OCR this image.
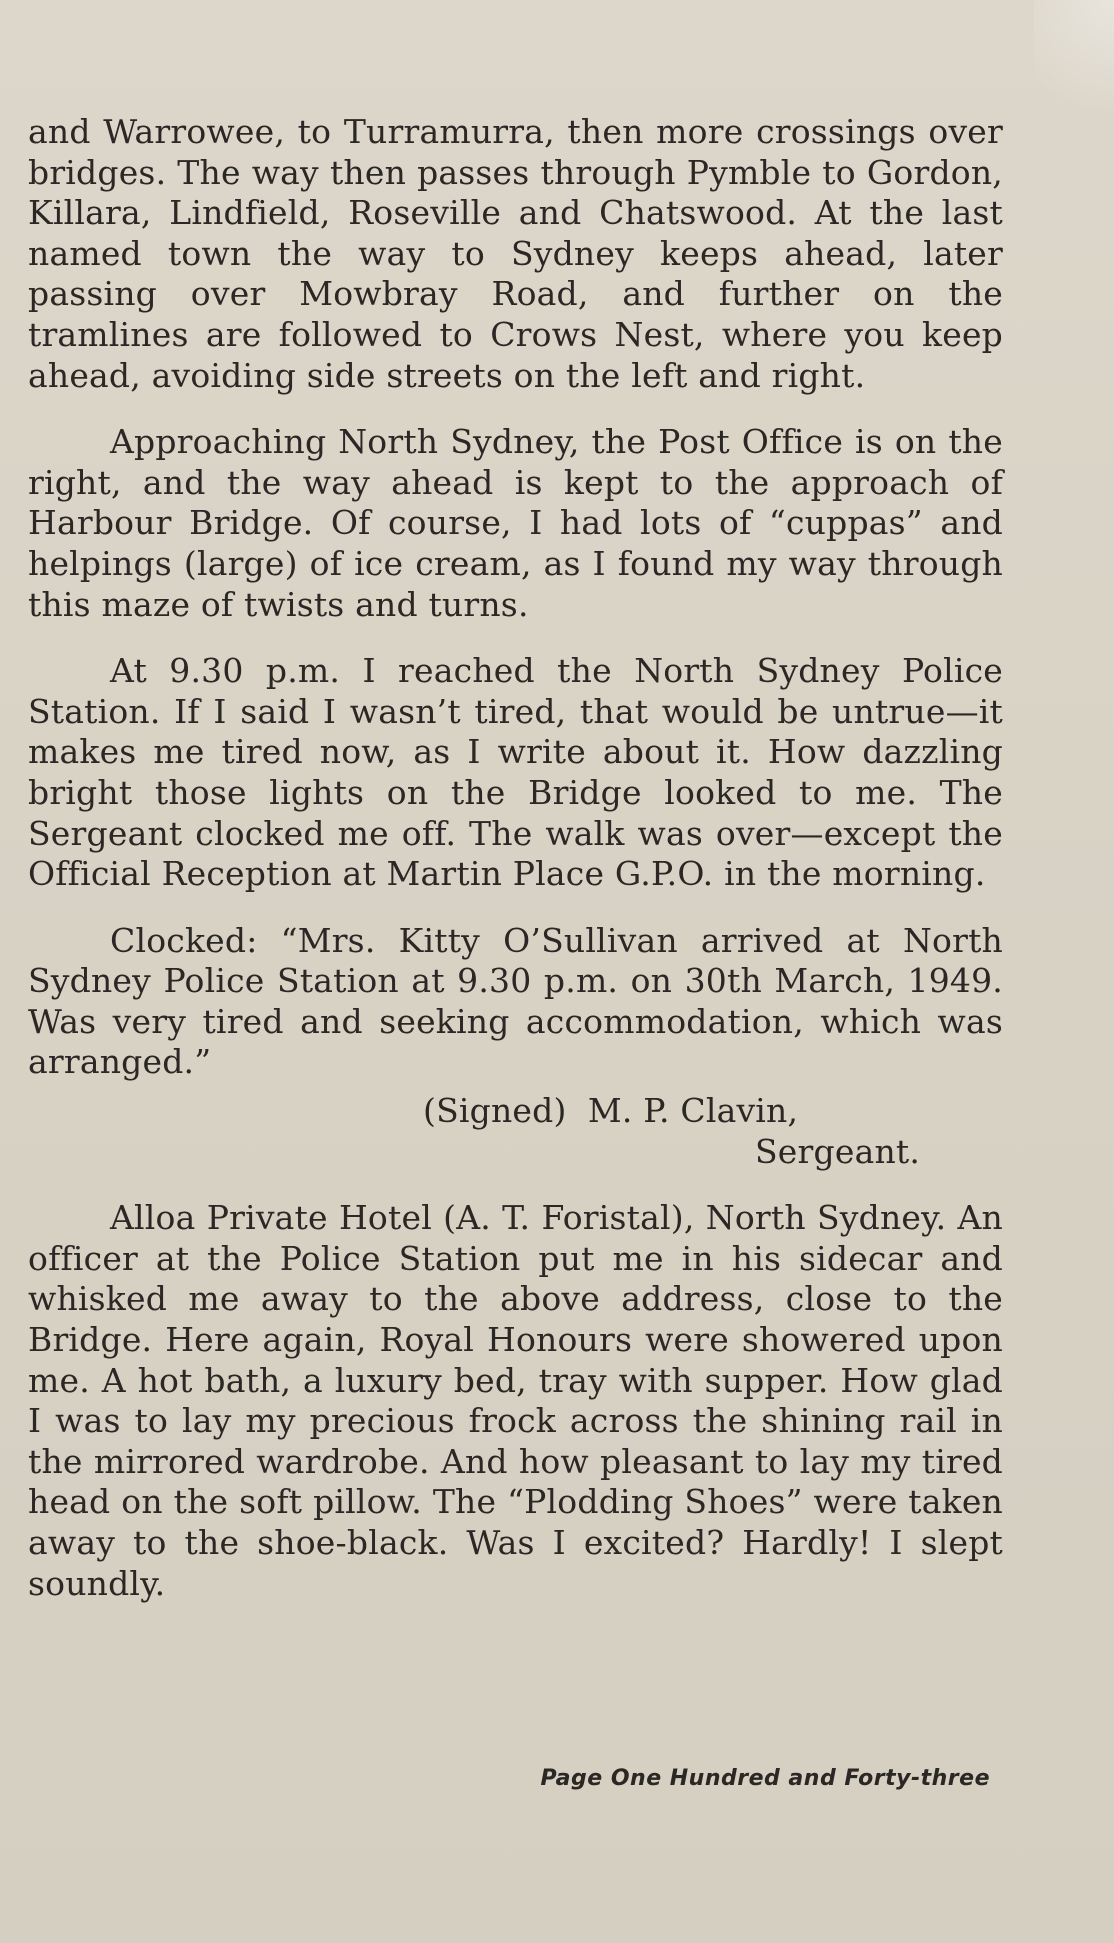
and Warrowee, to Turramurra, then more crossings over bridges. The way then passes through Pymble to Gordon, Killara, Lindfield, Roseville and Chatswood. At the last named town the way to Sydney keeps ahead, later passing over Mowbray Road, and further on the tramlines are followed to Crows Nest, where you keep ahead, avoiding side streets on the left and right.

Approaching North Sydney, the Post Office is on the right, and the way ahead is kept to the approach of Harbour Bridge. Of course, I had lots of “cuppas” and helpings (large) of ice cream, as I found my way through this maze of twists and turns.

At 9.30 p.m. I reached the North Sydney Police Station. If I said I wasn’t tired, that would be untrue—it makes me tired now, as I write about it. How dazzling bright those lights on the Bridge looked to me. The Sergeant clocked me off. The walk was over—except the Official Reception at Martin Place G.P.O. in the morning.

Clocked: “Mrs. Kitty O’Sullivan arrived at North Sydney Police Station at 9.30 p.m. on 30th March, 1949. Was very tired and seeking accommodation, which was arranged.”

(Signed)  M. P. Clavin,

Sergeant.

Alloa Private Hotel (A. T. Foristal), North Sydney. An officer at the Police Station put me in his sidecar and whisked me away to the above address, close to the Bridge. Here again, Royal Honours were showered upon me. A hot bath, a luxury bed, tray with supper. How glad I was to lay my precious frock across the shining rail in the mirrored wardrobe. And how pleasant to lay my tired head on the soft pillow. The “Plodding Shoes” were taken away to the shoe-black. Was I excited? Hardly! I slept soundly.

Page One Hundred and Forty-three
